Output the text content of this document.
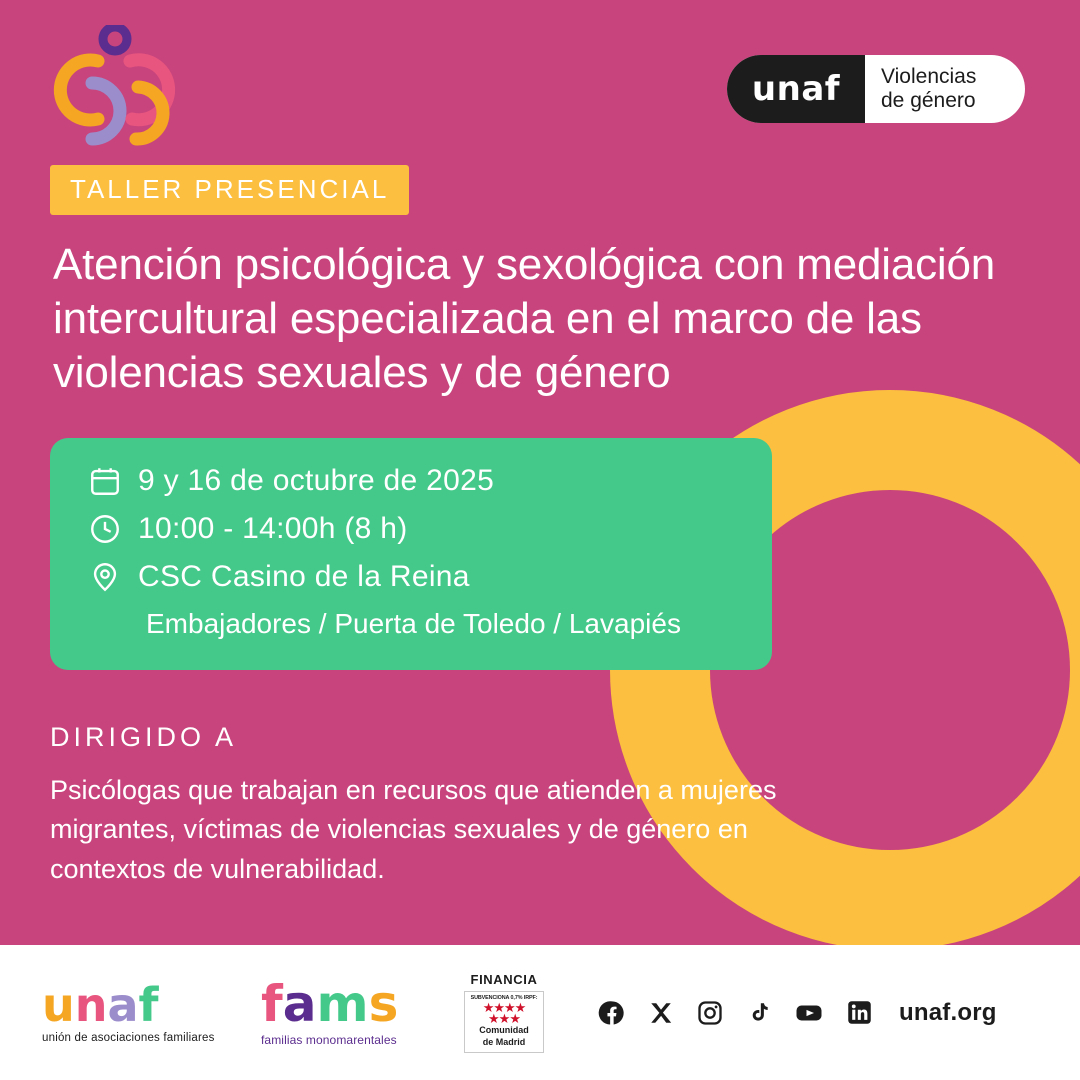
unaf Violencias
de género
TALLER PRESENCIAL
Atención psicológica y sexológica con mediación intercultural especializada en el marco de las violencias sexuales y de género
9 y 16 de octubre de 2025
10:00 - 14:00h (8 h)
CSC Casino de la Reina
Embajadores / Puerta de Toledo / Lavapiés
DIRIGIDO A
Psicólogas que trabajan en recursos que atienden a mujeres migrantes, víctimas de violencias sexuales y de género en contextos de vulnerabilidad.
unaf
unión de asociaciones familiares
fams
familias monomarentales
FINANCIA
SUBVENCIONA 0,7% IRPF:
★★★★
★★★
Comunidad
de Madrid
unaf.org
